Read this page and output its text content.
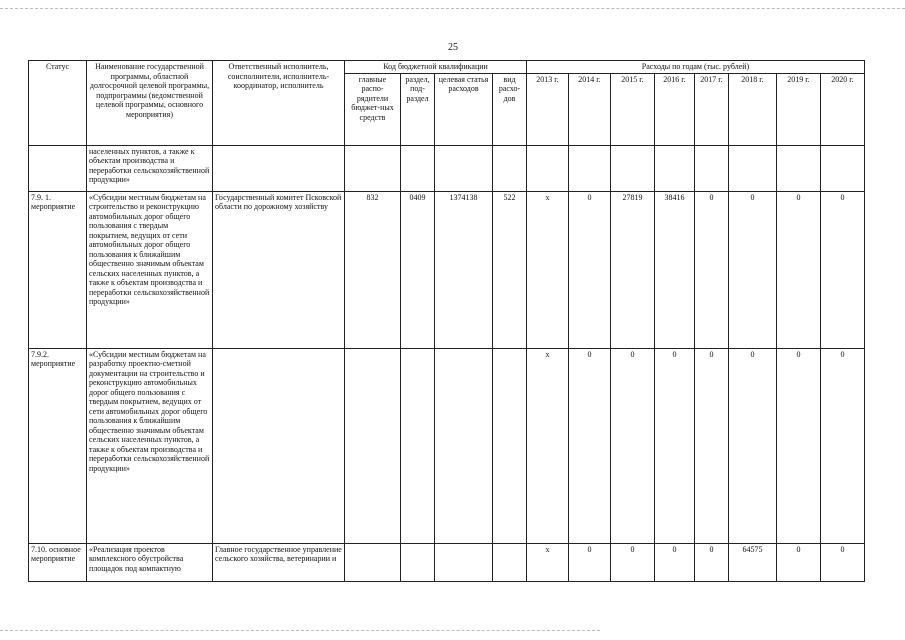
25
Статус	Наименование государственной программы, областной долгосрочной целевой программы, подпрограммы (ведомственной целевой программы, основного мероприятия)	Ответственный исполнитель, соисполнители, исполнитель-координатор, исполнитель	Код бюджетной квалификации				Расходы по годам (тыс. рублей)							
			главные распо-рядители бюджет-ных средств	раздел, под-раздел	целевая статья расходов	вид расхо-дов	2013 г.	2014 г.	2015 г.	2016 г.	2017 г.	2018 г.	2019 г.	2020 г.
	населенных пунктов, а также к объектам производства и переработки сельскохозяйственной продукции»													
7.9. 1. мероприятие	«Субсидии местным бюджетам на строительство и реконструкцию автомобильных дорог общего пользования с твердым покрытием, ведущих от сети автомобильных дорог общего пользования к ближайшим общественно значимым объектам сельских населенных пунктов, а также к объектам производства и переработки сельскохозяйственной продукции»	Государственный комитет Псковской области по дорожному хозяйству	832	0409	1374138	522	х	0	27819	38416	0	0	0	0
7.9.2. мероприятие	«Субсидии местным бюджетам на разработку проектно-сметной документации на строительство и реконструкцию автомобильных дорог общего пользования с твердым покрытием, ведущих от сети автомобильных дорог общего пользования к ближайшим общественно значимым объектам сельских населенных пунктов, а также к объектам производства и переработки сельскохозяйственной продукции»						х	0	0	0	0	0	0	0
7.10. основное мероприятие	«Реализация проектов комплексного обустройства площадок под компактную	Главное государственное управление сельского хозяйства, ветеринарии и					х	0	0	0	0	64575	0	0
